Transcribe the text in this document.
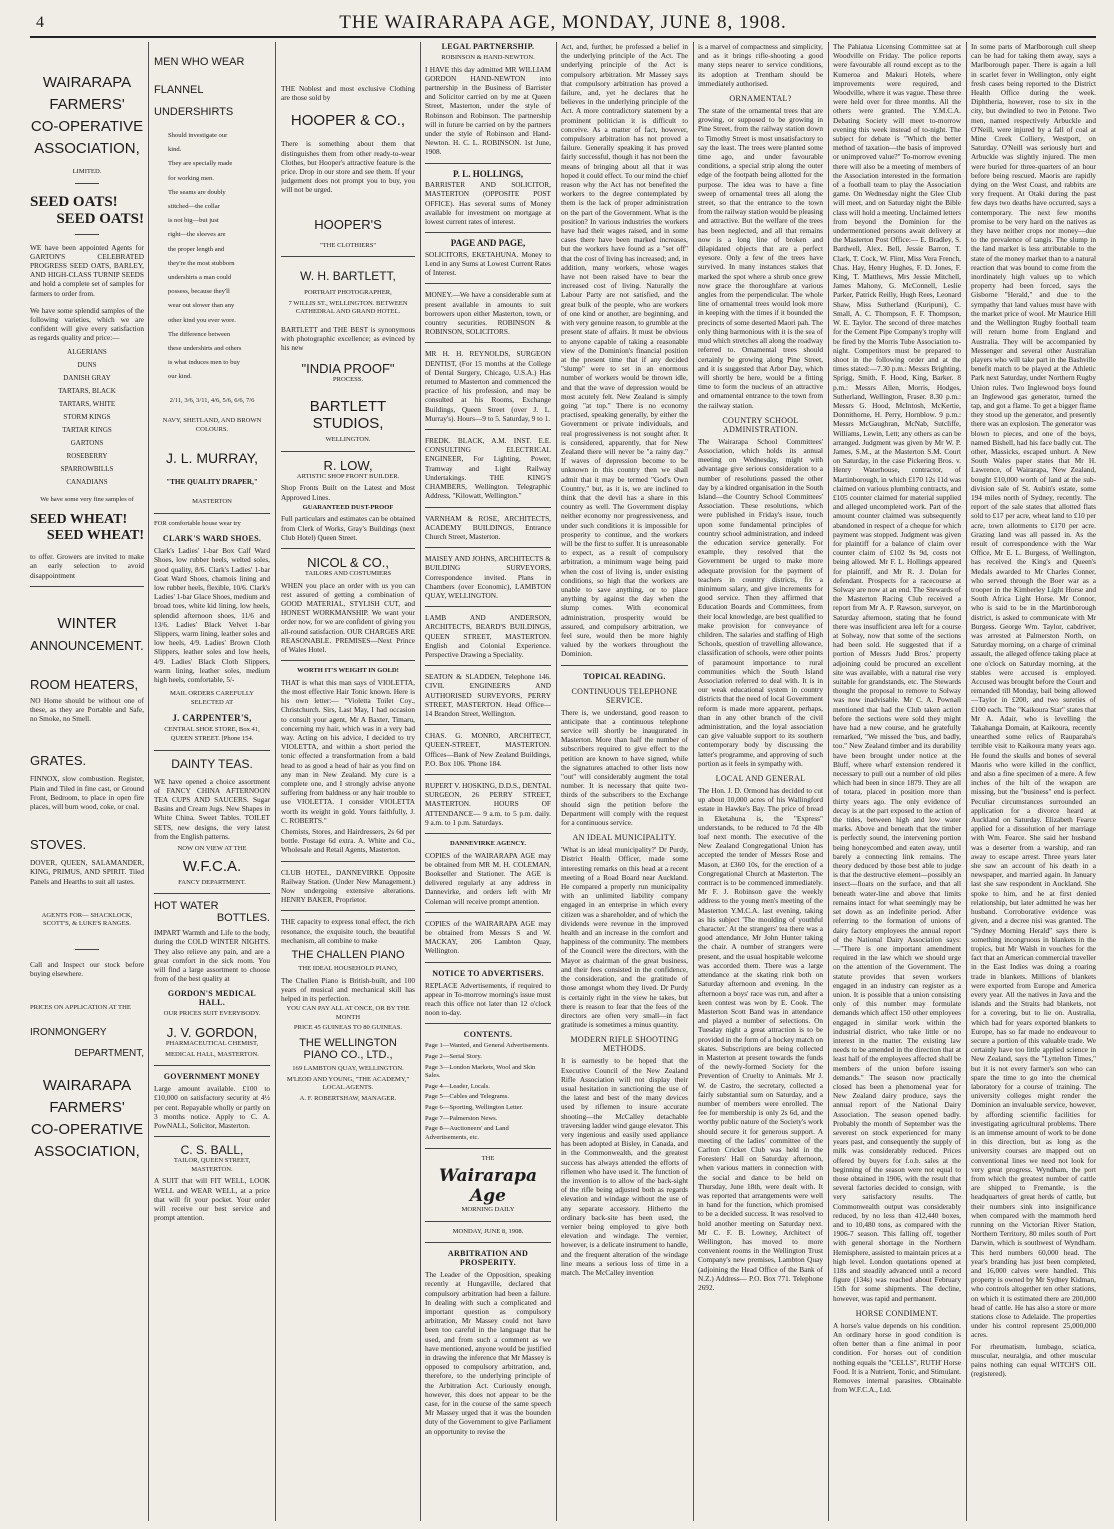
4	THE WAIRARAPA AGE, MONDAY, JUNE 8, 1908.
WAIRARAPA
FARMERS'
CO-OPERATIVE
ASSOCIATION,
LIMITED.
SEED OATS!
SEED OATS!

WE have been appointed Agents for GARTON'S CELEBRATED PROGRESS SEED OATS, BARLEY, AND HIGH-CLASS TURNIP SEEDS and hold a complete set of samples for farmers to order from.

We have some splendid samples of the following varieties, which we are confident will give every satisfaction as regards quality and price:—

ALGERIANS

DUNS

DANISH GRAY

TARTARS, BLACK

TARTARS, WHITE

STORM KINGS

TARTAR KINGS

GARTONS

ROSEBERRY

SPARROWBILLS

CANADIANS

We have some very fine samples of

SEED WHEAT!
SEED WHEAT!

to offer. Growers are invited to make an early selection to avoid disappointment

WINTER
ANNOUNCEMENT.
ROOM HEATERS,

NO Home should be without one of these, as they are Portable and Safe, no Smoke, no Smell.

GRATES.

FINNOX, slow combustion. Register, Plain and Tiled in fine cast, or Ground Front, Bedroom, to place in open fire places, will burn wood, coke, or coal.

STOVES.

DOVER, QUEEN, SALAMANDER, KING, PRIMUS, AND SPIRIT. Tiled Panels and Hearths to suit all tastes.

AGENTS FOR— SHACKLOCK, SCOTT'S, & LUKE'S RANGES.

Call and Inspect our stock before buying elsewhere.

PRICES ON APPLICATION AT THE

IRONMONGERY
DEPARTMENT,
WAIRARAPA
FARMERS'
CO-OPERATIVE
ASSOCIATION,
MEN WHO WEAR
FLANNEL
UNDERSHIRTS
Should investigate our
kind.
They are specially made
for working men.
The seams are doubly
stitched—the collar
is not big—but just
right—the sleeves are
the proper length and
they're the most stubborn
undershirts a man could
possess, because they'll
wear out slower than any
other kind you ever wore.
The difference between
these undershirts and others
is what induces men to buy
our kind.

2/11, 3/6, 3/11, 4/6, 5/6, 6/6, 7/6

NAVY, SHETLAND, AND BROWN COLOURS.

J. L. MURRAY,
"THE QUALITY DRAPER,"
MASTERTON

FOR comfortable house wear try

CLARK'S WARD SHOES.

Clark's Ladies' 1-bar Box Calf Ward Shoes, low rubber heels, welted soles, good quality, 8/6. Clark's Ladies' 1-bar Goat Ward Shoes, chamois lining and low rubber heels, flexible, 10/6. Clark's Ladies' 1-bar Glace Shoes, medium and broad toes, white kid lining, low heels, splendid afternoon shoes, 11/6 and 13/6. Ladies' Black Velvet 1-bar Slippers, warm lining, leather soles and low heels, 4/9. Ladies' Brown Cloth Slippers, leather soles and low heels, 4/9. Ladies' Black Cloth Slippers, warm lining, leather soles, medium high heels, comfortable, 5/-

MAIL ORDERS CAREFULLY SELECTED AT

J. CARPENTER'S,

CENTRAL SHOE STORE, Box 41, QUEEN STREET. [Phone 154.

DAINTY TEAS.

WE have opened a choice assortment of FANCY CHINA AFTERNOON TEA CUPS AND SAUCERS. Sugar Basins and Cream Jugs. New Shapes in White China. Sweet Tables. TOILET SETS, new designs, the very latest from the English patterns.

NOW ON VIEW AT THE

W.F.C.A.

FANCY DEPARTMENT.

HOT WATER
BOTTLES.

IMPART Warmth and Life to the body, during the COLD WINTER NIGHTS. They also relieve any pain, and are a great comfort in the sick room. You will find a large assortment to choose from of the best quality at

GORDON'S MEDICAL HALL.

OUR PRICES SUIT EVERYBODY.

J. V. GORDON,

PHARMACEUTICAL CHEMIST,

MEDICAL HALL, MASTERTON.

GOVERNMENT MONEY

Large amount available. £100 to £10,000 on satisfactory security at 4½ per cent. Repayable wholly or partly on 3 months notice. Apply to C. A. PowNALL, Solicitor, Masterton.

C. S. BALL,

TAILOR, QUEEN STREET, MASTERTON.

A SUIT that will FIT WELL, LOOK WELL and WEAR WELL, at a price that will fit your pocket. Your order will receive our best service and prompt attention.

THE Noblest and most exclusive Clothing are those sold by

HOOPER & CO.,

There is something about them that distinguishes them from other ready-to-wear Clothes, but Hooper's attractive feature is the price. Drop in our store and see them. If your judgement does not prompt you to buy, you will not be urged.

HOOPER'S

"THE CLOTHIERS"

W. H. BARTLETT,

PORTRAIT PHOTOGRAPHER,

7 WILLIS ST., WELLINGTON. BETWEEN CATHEDRAL AND GRAND HOTEL.

BARTLETT and THE BEST is synonymous with photographic excellence; as evinced by his new

"INDIA PROOF"

PROCESS.

BARTLETT STUDIOS,

WELLINGTON.

R. LOW,

ARTISTIC SHOP FRONT BUILDER.

Shop Fronts Built on the Latest and Most Approved Lines.

GUARANTEED DUST-PROOF

Full particulars and estimates can be obtained from Clerk of Works, Gray's Buildings (next Club Hotel) Queen Street.

NICOL & CO.,

TAILORS AND COSTUMIERS

WHEN you place an order with us you can rest assured of getting a combination of GOOD MATERIAL, STYLISH CUT, and HONEST WORKMANSHIP. We want your order now, for we are confident of giving you all-round satisfaction. OUR CHARGES ARE REASONABLE. PREMISES—Next Prince of Wales Hotel.

WORTH IT'S WEIGHT IN GOLD!

THAT is what this man says of VIOLETTA, the most effective Hair Tonic known. Here is his own letter:— "Violetta Toilet Coy., Christchurch. Sirs, Last May, I had occasion to consult your agent, Mr A Baxter, Timaru, concerning my hair, which was in a very bad way. Acting on his advice, I decided to try VIOLETTA, and within a short period the tonic effected a transformation from a bald head to as good a head of hair as you find on any man in New Zealand. My cure is a complete one, and I strongly advise anyone suffering from baldness or any hair trouble to use VIOLETTA. I consider VIOLETTA worth its weight in gold. Yours faithfully, J. C. ROBERTS."

Chemists, Stores, and Hairdressers, 2s 6d per bottle. Postage 6d extra. A. White and Co., Wholesale and Retail Agents, Masterton.

CLUB HOTEL, DANNEVIRKE Opposite Railway Station. (Under New Management.) Now undergoing extensive alterations. HENRY BAKER, Proprietor.

THE capacity to express tonal effect, the rich resonance, the exquisite touch, the beautiful mechanism, all combine to make

THE CHALLEN PIANO

THE IDEAL HOUSEHOLD PIANO,

The Challen Piano is British-built, and 100 years of musical and mechanical skill has helped in its perfection.

YOU CAN PAY ALL AT ONCE, OR BY THE MONTH

PRICE 45 GUINEAS TO 80 GUINEAS.

THE WELLINGTON PIANO CO., LTD.,

169 LAMBTON QUAY, WELLINGTON.

M'LEOD AND YOUNG, "THE ACADEMY," LOCAL AGENTS.

A. F. ROBERTSHAW, MANAGER.

LEGAL PARTNERSHIP.

ROBINSON & HAND-NEWTON.

I HAVE this day admitted MR WILLIAM GORDON HAND-NEWTON into partnership in the Business of Barrister and Solicitor carried on by me at Queen Street, Masterton, under the style of Robinson and Robinson. The partnership will in future be carried on by the partners under the style of Robinson and Hand-Newton. H. C. L. ROBINSON. 1st June, 1908.

P. L. HOLLINGS,

BARRISTER AND SOLICITOR, MASTERTON (OPPOSITE POST OFFICE). Has several sums of Money available for investment on mortgage at lowest current rates of interest.

PAGE AND PAGE,

SOLICITORS, EKETAHUNA. Money to Lend in any Sums at Lowest Current Rates of Interest.

MONEY.—We have a considerable sum at present available in amounts to suit borrowers upon either Masterton, town, or country securities. ROBINSON & ROBINSON, SOLICITORS.

MR H. H. REYNOLDS, SURGEON DENTIST, (For 15 months at the College of Dental Surgery, Chicago, U.S.A.) Has returned to Masterton and commenced the practice of his profession, and may be consulted at his Rooms, Exchange Buildings, Queen Street (over J. L. Murray's). Hours—9 to 5. Saturday, 9 to 1.

FREDK. BLACK, A.M. INST. E.E. CONSULTING ELECTRICAL ENGINEER, For Lighting, Power, Tramway and Light Railway Undertakings. THE KING'S CHAMBERS, Wellington. Telegraphic Address, "Kilowatt, Wellington."

VARNHAM & ROSE, ARCHITECTS, ACADEMY BUILDINGS, Entrance Church Street, Masterton.

MAISEY AND JOHNS, ARCHITECTS & BUILDING SURVEYORS, Correspondence invited. Plans in Chambers (over Economic), LAMBTON QUAY, WELLINGTON.

LAMB AND ANDERSON, ARCHITECTS, BEARD'S BUILDINGS, QUEEN STREET, MASTERTON. English and Colonial Experience. Perspective Drawing a Speciality.

SEATON & SLADDEN, Telephone 146. CIVIL ENGINEERS AND AUTHORISED SURVEYORS, PERRY STREET, MASTERTON. Head Office— 14 Brandon Street, Wellington.

CHAS. G. MONRO, ARCHITECT, QUEEN-STREET, MASTERTON. Offices—Bank of New Zealand Buildings, P.O. Box 106. 'Phone 184.

RUPERT V. HOSKING, D.D.S., DENTAL SURGEON, 26 PERRY STREET, MASTERTON. HOURS OF ATTENDANCE— 9 a.m. to 5 p.m. daily. 9 a.m. to 1 p.m. Saturdays.

DANNEVIRKE AGENCY.

COPIES of the WAIRARAPA AGE may be obtained from MR M. H. COLEMAN, Bookseller and Stationer. The AGE is delivered regularly at any address in Dannevirke, and orders left with Mr Coleman will receive prompt attention.

COPIES of the WAIRARAPA AGE may be obtained from Messrs S and W. MACKAY, 206 Lambton Quay, Wellington.

NOTICE TO ADVERTISERS.

REPLACE Advertisements, if required to appear in To-morrow morning's issue must reach this office not later than 12 o'clock noon to-day.

CONTENTS.

Page 1—Wanted, and General Advertisements.

Page 2—Serial Story.

Page 3—London Markets, Wool and Skin Sales.

Page 4—Leader, Locals.

Page 5—Cables and Telegrams.

Page 6—Sporting, Wellington Letter.

Page 7—Palmerston News.

Page 8—Auctioneers' and Land Advertisements, etc.

THE

Wairarapa Age

MORNING DAILY

MONDAY, JUNE 8, 1908.

ARBITRATION AND PROSPERITY.

The Leader of the Opposition, speaking recently at Hungaville, declared that compulsory arbitration had been a failure. In dealing with such a complicated and important question as compulsory arbitration, Mr Massey could not have been too careful in the language that he used, and from such a comment as we have mentioned, anyone would be justified in drawing the inference that Mr Massey is opposed to compulsory arbitration, and, therefore, to the underlying principle of the Arbitration Act. Curiously enough, however, this does not appear to be the case, for in the course of the same speech Mr Massey urged that it was the bounden duty of the Government to give Parliament an opportunity to revise the

Act, and, further, he professed a belief in the underlying principle of the Act. The underlying principle of the Act is compulsory arbitration. Mr Massey says that compulsory arbitration has proved a failure, and, yet he declares that he believes in the underlying principle of the Act. A more contradictory statement by a prominent politician it is difficult to conceive. As a matter of fact, however, compulsory arbitration has not proved a failure. Generally speaking it has proved fairly successful, though it has not been the means of bringing about all that it was hoped it could effect. To our mind the chief reason why the Act has not benefited the workers to the degree contemplated by them is the lack of proper administration on the part of the Government. What is the position? In various industries the workers have had their wages raised, and in some cases there have been marked increases, but the workers have found as a "set off" that the cost of living has increased; and, in addition, many workers, whose wages have not been raised have to bear the increased cost of living. Naturally the Labour Party are not satisfied, and the great bulk of the people, who are workers of one kind or another, are beginning, and with very genuine reason, to grumble at the present state of affairs. It must be obvious to anyone capable of taking a reasonable view of the Dominion's financial position at the present time that if any decided "slump" were to set in an enormous number of workers would be thrown idle, and that the wave of depression would be most acutely felt. New Zealand is simply going "at top." There is no economy practised, speaking generally, by either the Government or private individuals, and real progressiveness is not sought after. It is considered, apparently, that for New Zealand there will never be "a rainy day." If waves of depression become to be unknown in this country then we shall admit that it may be termed "God's Own Country," but, as it is, we are inclined to think that the devil has a share in this country as well. The Government display neither economy nor progressiveness, and under such conditions it is impossible for prosperity to continue, and the workers will be the first to suffer. It is unreasonable to expect, as a result of compulsory arbitration, a minimum wage being paid when the cost of living is, under existing conditions, so high that the workers are unable to save anything, or to place anything by against the day when the slump comes. With economical administration, prosperity would be assured, and compulsory arbitration, we feel sure, would then be more highly valued by the workers throughout the Dominion.

TOPICAL READING.
CONTINUOUS TELEPHONE SERVICE.

There is, we understand, good reason to anticipate that a continuous telephone service will shortly be inaugurated in Masterton. More than half the number of subscribers required to give effect to the petition are known to have signed, while the signatures attached to other lists now "out" will considerably augment the total number. It is necessary that quite two-thirds of the subscribers to the Exchange should sign the petition before the Department will comply with the request for a continuous service.

AN IDEAL MUNICIPALITY.

'What is an ideal municipality?' Dr Purdy, District Health Officer, made some interesting remarks on this head at a recent meeting of a Road Board near Auckland. He compared a properly run municipality with an unlimited liability company engaged in an enterprise in which every citizen was a shareholder, and of which the dividends were revenue in the improved health and an increase in the comfort and happiness of the community. The members of the Council were the directors, with the Mayor as chairman of the great business, and their fees consisted in the confidence, the consideration, and the gratitude of those amongst whom they lived. Dr Purdy is certainly right in the view he takes, but there is reason to fear that the fees of the directors are often very small—in fact gratitude is sometimes a minus quantity.

MODERN RIFLE SHOOTING METHODS.

It is earnestly to be hoped that the Executive Council of the New Zealand Rifle Association will not display their usual hesitation in sanctioning the use of the latest and best of the many devices used by riflemen to insure accurate shooting—the McCalley detachable traversing ladder wind gauge elevator. This very ingenious and easily used appliance has been adopted at Bisley, in Canada, and in the Commonwealth, and the greatest success has always attended the efforts of riflemen who have used it. The function of the invention is to allow of the back-sight of the rifle being adjusted both as regards elevation and windage without the use of any separate accessory. Hitherto the ordinary back-site has been used, the vernier being employed to give both elevation and windage. The vernier, however, is a delicate instrument to handle, and the frequent alteration of the windage line means a serious loss of time in a match. The McCalley invention

is a marvel of compactness and simplicity, and as it brings rifle-shooting a good many steps nearer to service conditions, its adoption at Trentham should be immediately authorised.

ORNAMENTAL?

The state of the ornamental trees that are growing, or supposed to be growing in Pine Street, from the railway station down to Timothy Street is most unsatisfactory to say the least. The trees were planted some time ago, and under favourable conditions, a special strip along the outer edge of the footpath being allotted for the purpose. The idea was to have a fine sweep of ornamental trees all along the street, so that the entrance to the town from the railway station would be pleasing and attractive. But the welfare of the trees has been neglected, and all that remains now is a long line of broken and dilapidated objects that are a perfect eyesore. Only a few of the trees have survived. In many instances stakes that marked the spot where a shrub once grew now grace the thoroughfare at various angles from the perpendicular. The whole line of ornamental trees would look more in keeping with the times if it bounded the precincts of some deserted Maori pah. The only thing harmonious with it is the sea of mud which stretches all along the roadway referred to. Ornamental trees should certainly be growing along Pine Street, and it is suggested that Arbor Day, which will shortly be here, would be a fitting time to form the nucleus of an attractive and ornamental entrance to the town from the railway station.

COUNTRY SCHOOL ADMINISTRATION.

The Wairarapa School Committees' Association, which holds its annual meeting on Wednesday, might with advantage give serious consideration to a number of resolutions passed the other day by a kindred organisation in the South Island—the Country School Committees' Association. These resolutions, which were published in Friday's issue, touch upon some fundamental principles of country school administration, and indeed the education service generally. For example, they resolved that the Government be urged to make more adequate provision for the payment of teachers in country districts, fix a minimum salary, and give increments for good service. Then they affirmed that Education Boards and Committees, from their local knowledge, are best qualified to make provision for conveyance of children. The salaries and staffing of High Schools, question of travelling allowance, classification of schools, were other points of paramount importance to rural communities which the South Island Association referred to deal with. It is in our weak educational system in country districts that the need of local Government reform is made more apparent, perhaps, than in any other branch of the civil administration, and the loyal association can give valuable support to its southern contemporary body by discussing the latter's programme, and approving of such portion as it feels in sympathy with.

LOCAL AND GENERAL

The Hon. J. D. Ormond has decided to cut up about 10,000 acres of his Wallingford estate in Hawke's Bay. The price of bread in Eketahuna is, the "Express" understands, to be reduced to 7d the 4lb loaf next month. The executive of the New Zealand Congregational Union has accepted the tender of Messrs Rose and Mason, at £360 10s, for the erection of a Congregational Church at Masterton. The contract is to be commenced immediately. Mr F. J. Robinson gave the weekly address to the young men's meeting of the Masterton Y.M.C.A. last evening, taking as his subject 'The moulding of youthful character.' At the strangers' tea there was a good attendance, Mr John Hunter taking the chair. A number of strangers were present, and the usual hospitable welcome was accorded them. There was a large attendance at the skating rink both on Saturday afternoon and evening. In the afternoon a boys' race was run, and after a keen contest was won by E. Cook. The Masterton Scott Band was in attendance and played a number of selections. On Tuesday night a great attraction is to be provided in the form of a hockey match on skates. Subscriptions are being collected in Masterton at present towards the funds of the newly-formed Society for the Prevention of Cruelty to Animals. Mr J. W. de Castro, the secretary, collected a fairly substantial sum on Saturday, and a number of members were enrolled. The fee for membership is only 2s 6d, and the worthy public nature of the Society's work should secure it for generous support. A meeting of the ladies' committee of the Carlton Cricket Club was held in the Foresters' Hall on Saturday afternoon, when various matters in connection with the social and dance to be held on Thursday, June 18th, were dealt with. It was reported that arrangements were well in hand for the function, which promised to be a decided success. It was resolved to hold another meeting on Saturday next. Mr C. F. B. Lowney, Architect of Wellington, has moved to more convenient rooms in the Wellington Trust Company's new premises, Lambton Quay (adjoining the Head Office of the Bank of N.Z.) Address— P.O. Box 771. Telephone 2692.

The Pahiatua Licensing Committee sat at Woodville on Friday. The police reports were favourable all round except as to the Kumeroa and Makuri Hotels, where improvements were required, and Woodville, where it was vague. These three were held over for three months. All the others were granted. The Y.M.C.A. Debating Society will meet to-morrow evening this week instead of to-night. The subject for debate is "Which the better method of taxation—the basis of improved or unimproved value?" To-morrow evening there will also be a meeting of members of the Association interested in the formation of a football team to play the Association game. On Wednesday night the Glee Club will meet, and on Saturday night the Bible class will hold a meeting. Unclaimed letters from beyond the Dominion for the undermentioned persons await delivery at the Masterton Post Office:— E. Bradley, S. Bardwell, Alex. Bell, Jessie Barron, T. Clark, T. Cock, W. Flint, Miss Vera French, Chas. Hay, Henry Hughes, F. D. Jones, F. King, T. Matthews, Mrs Jessie Mitchell, James Mahony, G. McConnell, Leslie Parker, Patrick Reilly, Hugh Rees, Leonard Shaw, Miss Sutherland (Kuripuni), C. Small, A. C. Thompson, F. F. Thompson, W. E. Taylor. The second of three matches for the Cement Pipe Company's trophy will be fired by the Morris Tube Association to-night. Competitors must be prepared to shoot in the following order and at the times stated:—7.30 p.m.: Messrs Brighting, Sprigg, Smith, F. Hood, King, Barker. 8 p.m.: Messrs Allen, Morris, Hodges, Sutherland, Wellington, Fraser. 8.30 p.m.: Messrs G. Hood, McIntosh, McKertie, Donnithorne, H. Perry, Hornblow. 9 p.m.: Messrs McGaughran, McNab, Sutcliffe, Williams, Lewin, Lett; any others as can be arranged. Judgment was given by Mr W. P. James, S.M., at the Masterton S.M. Court on Saturday, in the case Pickering Bros. v. Henry Waterhouse, contractor, of Martinborough, in which £170 12s 11d was claimed on various plumbing contracts, and £105 counter claimed for material supplied and alleged uncompleted work. Part of the amount counter claimed was subsequently abandoned in respect of a cheque for which payment was stopped. Judgment was given for plaintiff for a balance of claim over counter claim of £102 9s 9d, costs not being allowed. Mr F. L. Hollings appeared for plaintiff, and Mr R. J. Dolan for defendant. Prospects for a racecourse at Solway are now at an end. The Stewards of the Masterton Racing Club received a report from Mr A. P. Rawson, surveyor, on Saturday afternoon, stating that he found there was insufficient area left for a course at Solway, now that some of the sections had been sold. He suggested that if a portion of Messrs Judd Bros.' property adjoining could be procured an excellent site was available, with a natural rise very suitable for grandstands, etc. The Stewards thought the proposal to remove to Solway was now inadvisable. Mr C. A. Pownall mentioned that had the Club taken action before the sections were sold they might have had a new course, and he gratefully remarked, "We missed the 'bus, and badly, too." New Zealand timber and its durability have been brought under notice at the Bluff, where wharf extension rendered it necessary to pull out a number of old piles which had been in since 1879. They are all of totara, placed in position more than thirty years ago. The only evidence of decay is at the part exposed to the action of the tides, between high and low water marks. Above and beneath that the timber is perfectly sound, the intervening portion being honeycombed and eaten away, until barely a connecting link remains. The theory deduced by those best able to judge is that the destructive element—possibly an insect—floats on the surface, and that all beneath water-line and above that limits remains intact for what seemingly may be set down as an indefinite period. After referring to the formation of unions of dairy factory employees the annual report of the National Dairy Association says:—"There is one important amendment required in the law which we should urge on the attention of the Government. The statute provides that seven workers engaged in an industry can register as a union. It is possible that a union consisting only of this number may formulate demands which affect 150 other employees engaged in similar work within the industrial district, who take little or no interest in the matter. The existing law needs to be amended in the direction that at least half of the employees affected shall be members of the union before issuing demands." The season now practically closed has been a phenomenal year for New Zealand dairy produce, says the annual report of the National Dairy Association. The season opened badly. Probably the month of September was the severest on stock experienced for many years past, and consequently the supply of milk was considerably reduced. Prices offered by buyers for f.o.b. sales at the beginning of the season were not equal to those obtained in 1906, with the result that several factories decided to consign, with very satisfactory results. The Commonwealth output was considerably reduced, by no less than 412,440 boxes, and to 10,480 tons, as compared with the 1906-7 season. This falling off, together with general shortage in the Northern Hemisphere, assisted to maintain prices at a high level. London quotations opened at 118s and steadily advanced until a record figure (134s) was reached about February 15th for some shipments. The decline, however, was rapid and permanent.

HORSE CONDIMENT.

A horse's value depends on his condition. An ordinary horse in good condition is often better than a fine animal in poor condition. For horses out of condition nothing equals the "CELLS", RUTH' Horse Food. It is a Nutrient, Tonic, and Stimulant. Removes internal parasites. Obtainable from W.F.C.A., Ltd.

In some parts of Marlborough cull sheep can be had for taking them away, says a Marlborough paper. There is again a lull in scarlet fever in Wellington, only eight fresh cases being reported to the District Health Office during the week. Diphtheria, however, rose to six in the city, but dwindled to two in Petone. Two men, named respectively Arbuckle and O'Neill, were injured by a fall of coal at Mine Creek Colliery, Westport, on Saturday. O'Neill was seriously hurt and Arbuckle was slightly injured. The men were buried for three-quarters of an hour before being rescued. Maoris are rapidly dying on the West Coast, and rabbits are very frequent. At Otaki during the past few days two deaths have occurred, says a contemporary. The next few months promise to be very hard on the natives as they have neither crops nor money—due to the prevalence of tangis. The slump in the land market is less attributable to the state of the money market than to a natural reaction that was bound to come from the inordinately high values up to which property had been forced, says the Gisborne "Herald," and due to the sympathy that land values must have with the market price of wool. Mr Maurice Hill and the Wellington Rugby football team will return home from England and Australia. They will be accompanied by Messenger and several other Australian players who will take part in the Bashville benefit match to be played at the Athletic Park next Saturday, under Northern Rugby Union rules. Two Inglewood boys found an Inglewood gas generator, turned the tap, and got a flame. To get a bigger flame they stood up the generator, and presently there was an explosion. The generator was blown to pieces, and one of the boys, named Bishell, had his face badly cut. The other, Massicks, escaped unhurt. A New South Wales paper states that Mr H. Lawrence, of Wairarapa, New Zealand, bought £10,000 worth of land at the sub-division sale of St. Aubin's estate, some 194 miles north of Sydney, recently. The report of the sale states that allotted flats sold to £17 per acre, wheat land to £10 per acre, town allotments to £170 per acre. Grazing land was all passed in. As the result of correspondence with the War Office, Mr E. L. Burgess, of Wellington, has received the King's and Queen's Medals awarded to Mr Charles Conner, who served through the Boer war as a trooper in the Kimberley Light Horse and South Africa Light Horse. Mr Connor, who is said to be in the Martinborough district, is asked to communicate with Mr Burgess. George Wm. Taylor, cabdriver, was arrested at Palmerston North, on Saturday morning, on a charge of criminal assault, the alleged offence taking place at one o'clock on Saturday morning, at the stables were accused is employed. Accused was brought before the Court and remanded till Monday, bail being allowed—Taylor in £200, and two sureties of £100 each. The "Kaikoura Star" states that Mr A. Adair, who is levelling the Takahanga Domain, at Kaikoura, recently unearthed some relics of Rauparaha's terrible visit to Kaikoura many years ago. He found the skulls and bones of several Maoris who were killed in the conflict, and also a fine specimen of a mere. A few inches of the hilt of the weapon are missing, but the "business" end is perfect. Peculiar circumstances surrounded an application for a divorce heard at Auckland on Saturday. Elizabeth Fearce applied for a dissolution of her marriage with Wm. Fearce. She said her husband was a deserter from a warship, and ran away to escape arrest. Three years later she saw an account of his death in a newspaper, and married again. In January last she saw respondent in Auckland. She spoke to him, and he at first denied relationship, but later admitted he was her husband. Corroborative evidence was given, and a decree nisi was granted. The "Sydney Morning Herald" says there is something incongruous in blankets in the tropics, but Mr Walsh in vouches for the fact that an American commercial traveller in the East Indies was doing a roaring trade in blankets. Millions of blankets were exported from Europe and America every year. All the natives in Java and the islands and the Straits had blankets, not for a covering, but to lie on. Australia, which had for years exported blankets to Europe, has so far made no endeavour to secure a portion of this valuable trade. We certainly have too little applied science in New Zealand, says the "Lyttelton Times," but it is not every farmer's son who can spare the time to go into the chemical laboratory for a course of training. The university colleges might render the Dominion an invaluable service, however, by affording scientific facilities for investigating agricultural problems. There is an immense amount of work to be done in this direction, but as long as the university courses are mapped out on conventional lines we need not look for very great progress. Wyndham, the port from which the greatest number of cattle are shipped to Fremantle, is the headquarters of great herds of cattle, but their numbers sink into insignificance when compared with the mammoth herd running on the Victorian River Station, Northern Territory, 80 miles south of Port Darwin, which is southwest of Wyndham. This herd numbers 60,000 head. The year's branding has just been completed, and 16,000 calves were handled. This property is owned by Mr Sydney Kidman, who controls altogether ten other stations, on which it is estimated there are 200,000 head of cattle. He has also a store or more stations close to Adelaide. The properties under his control represent 25,000,000 acres.

For rheumatism, lumbago, sciatica, muscular, neuralgia, and other muscular pains nothing can equal WITCH'S OIL (registered).
